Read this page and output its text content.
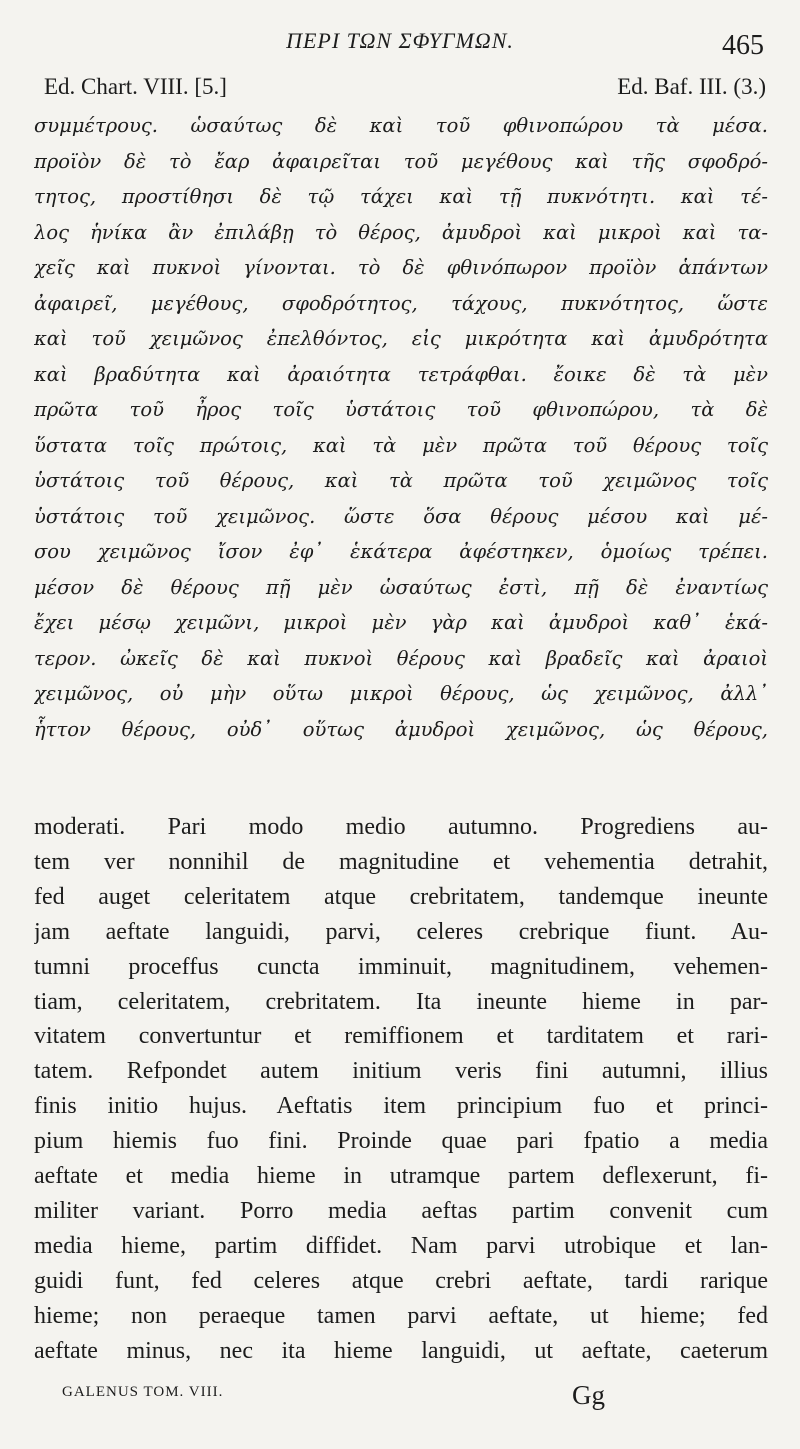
ΠΕΡΙ ΤΩΝ ΣΦΥΓΜΩΝ.	465
Ed. Chart. VIII. [5.]	Ed. Baf. III. (3.)
συμμέτρους. ὡσαύτως δὲ καὶ τοῦ φθινοπώρου τὰ μέσα.
προϊὸν δὲ τὸ ἔαρ ἀφαιρεῖται τοῦ μεγέθους καὶ τῆς σφοδρό-
τητος, προστίθησι δὲ τῷ τάχει καὶ τῇ πυκνότητι. καὶ τέ-
λος ἡνίκα ἂν ἐπιλάβῃ τὸ θέρος, ἀμυδροὶ καὶ μικροὶ καὶ τα-
χεῖς καὶ πυκνοὶ γίνονται. τὸ δὲ φθινόπωρον προϊὸν ἁπάντων
ἀφαιρεῖ, μεγέθους, σφοδρότητος, τάχους, πυκνότητος, ὥστε
καὶ τοῦ χειμῶνος ἐπελθόντος, εἰς μικρότητα καὶ ἀμυδρότητα
καὶ βραδύτητα καὶ ἀραιότητα τετράφθαι. ἔοικε δὲ τὰ μὲν
πρῶτα τοῦ ἦρος τοῖς ὑστάτοις τοῦ φθινοπώρου, τὰ δὲ
ὕστατα τοῖς πρώτοις, καὶ τὰ μὲν πρῶτα τοῦ θέρους τοῖς
ὑστάτοις τοῦ θέρους, καὶ τὰ πρῶτα τοῦ χειμῶνος τοῖς
ὑστάτοις τοῦ χειμῶνος. ὥστε ὅσα θέρους μέσου καὶ μέ-
σου χειμῶνος ἴσον ἐφ᾽ ἑκάτερα ἀφέστηκεν, ὁμοίως τρέπει.
μέσον δὲ θέρους πῇ μὲν ὡσαύτως ἐστὶ, πῇ δὲ ἐναντίως
ἔχει μέσῳ χειμῶνι, μικροὶ μὲν γὰρ καὶ ἀμυδροὶ καθ᾽ ἑκά-
τερον. ὠκεῖς δὲ καὶ πυκνοὶ θέρους καὶ βραδεῖς καὶ ἀραιοὶ
χειμῶνος, οὐ μὴν οὕτω μικροὶ θέρους, ὡς χειμῶνος, ἀλλ᾽
ἧττον θέρους, οὐδ᾽ οὕτως ἀμυδροὶ χειμῶνος, ὡς θέρους,
moderati. Pari modo medio autumno. Progrediens au-
tem ver nonnihil de magnitudine et vehementia detrahit,
fed auget celeritatem atque crebritatem, tandemque ineunte
jam aeftate languidi, parvi, celeres crebrique fiunt. Au-
tumni proceffus cuncta imminuit, magnitudinem, vehemen-
tiam, celeritatem, crebritatem. Ita ineunte hieme in par-
vitatem convertuntur et remiffionem et tarditatem et rari-
tatem. Refpondet autem initium veris fini autumni, illius
finis initio hujus. Aeftatis item principium fuo et princi-
pium hiemis fuo fini. Proinde quae pari fpatio a media
aeftate et media hieme in utramque partem deflexerunt, fi-
militer variant. Porro media aeftas partim convenit cum
media hieme, partim diffidet. Nam parvi utrobique et lan-
guidi funt, fed celeres atque crebri aeftate, tardi rarique
hieme; non peraeque tamen parvi aeftate, ut hieme; fed
aeftate minus, nec ita hieme languidi, ut aeftate, caeterum
GALENUS TOM. VIII.	Gg
